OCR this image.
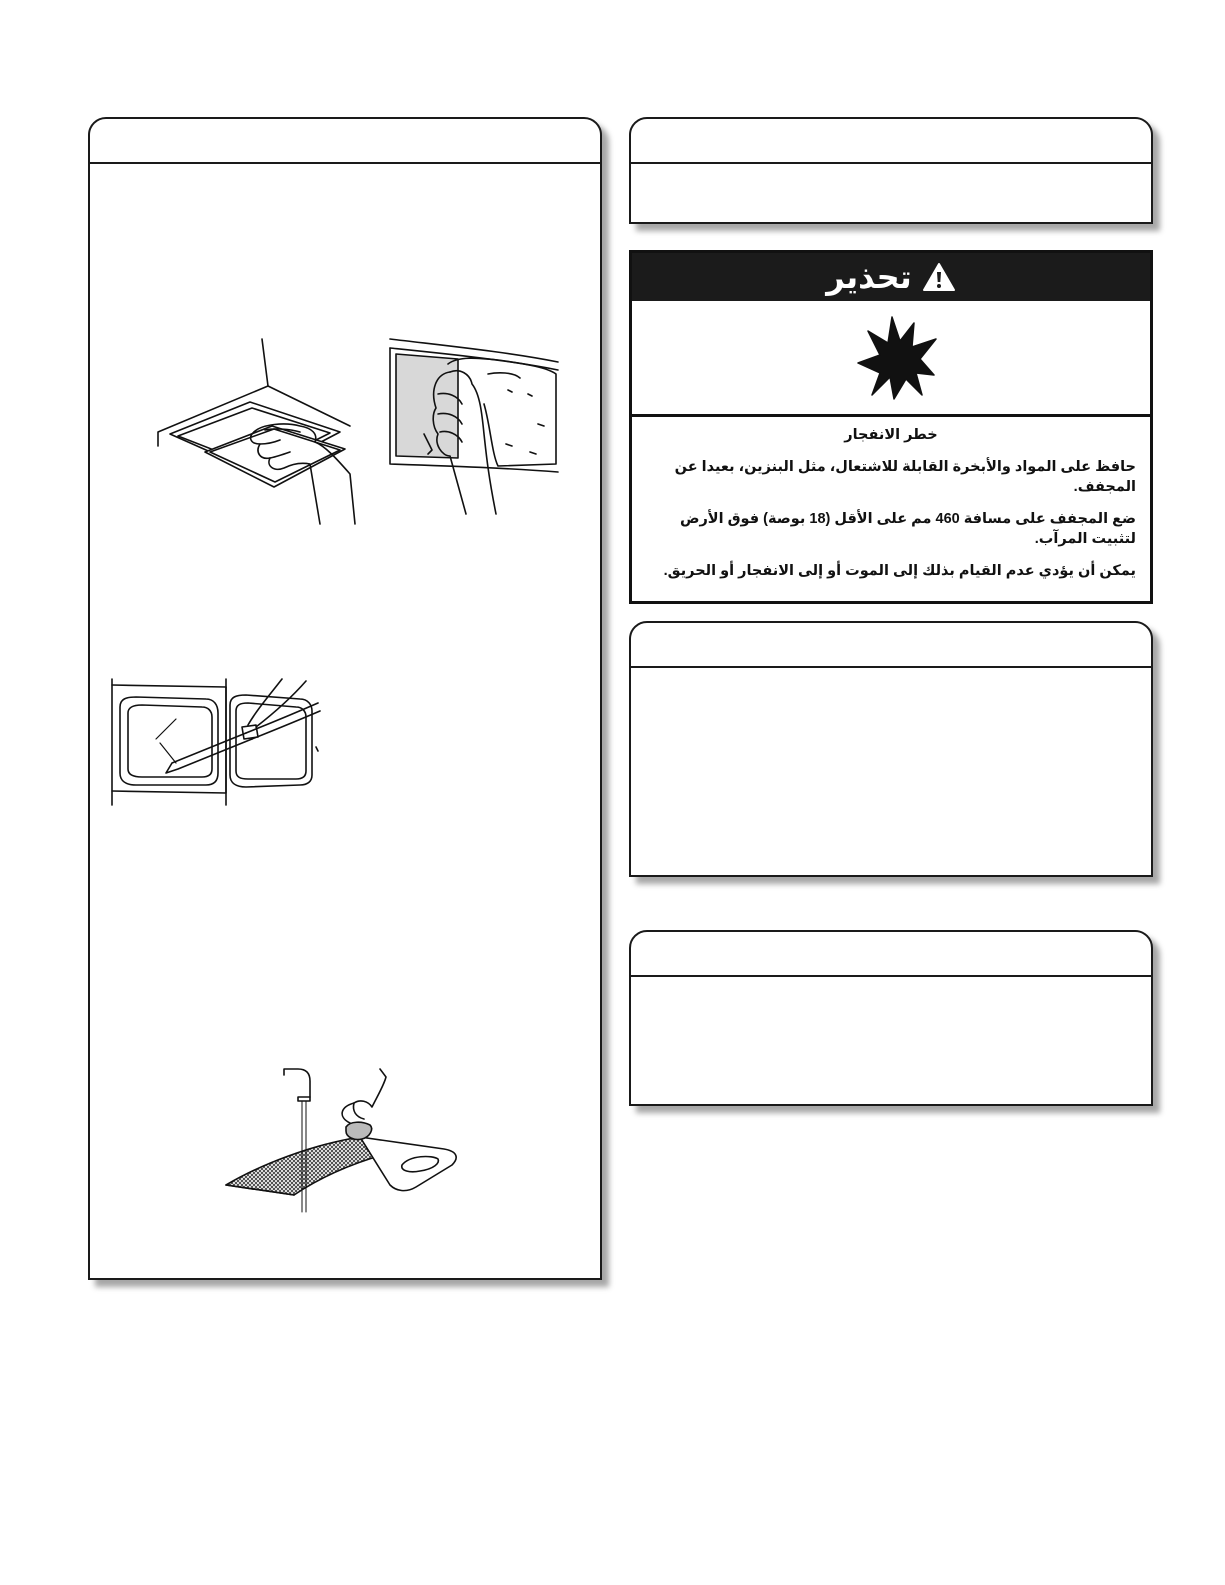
تحذير
خطر الانفجار

حافظ على المواد والأبخرة القابلة للاشتعال، مثل البنزين، بعيدا عن المجفف.

ضع المجفف على مسافة 460 مم على الأقل (18 بوصة) فوق الأرض لتثبيت المرآب.

يمكن أن يؤدي عدم القيام بذلك إلى الموت أو إلى الانفجار أو الحريق.
